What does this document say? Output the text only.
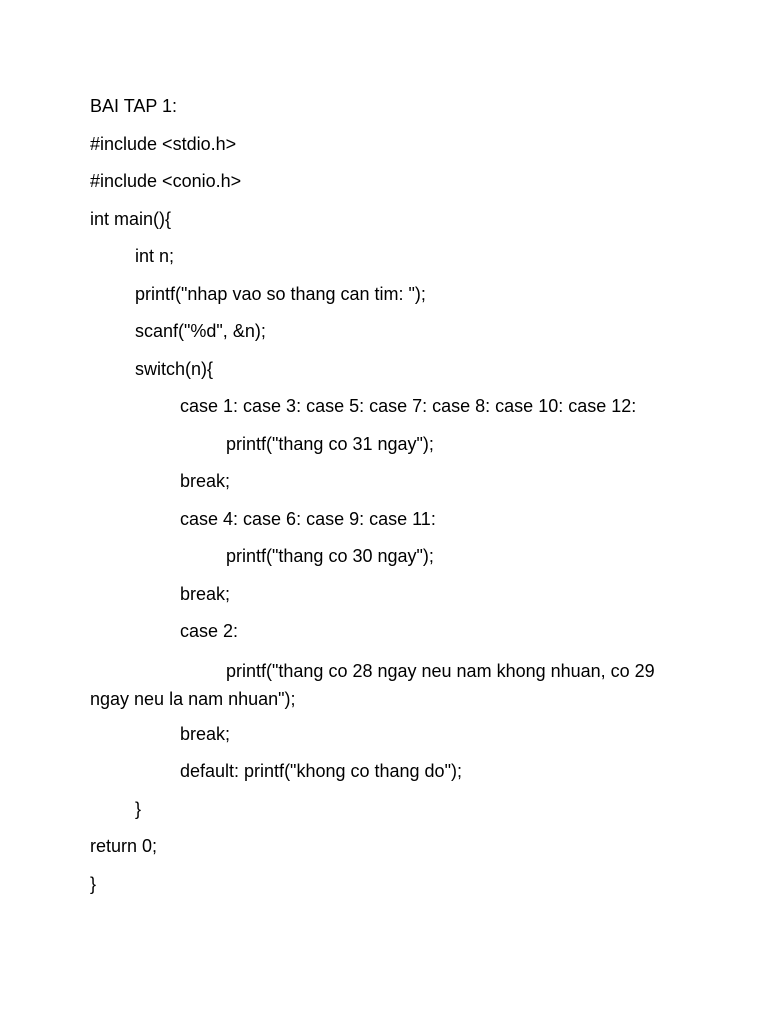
BAI TAP 1:
#include <stdio.h>
#include <conio.h>
int main(){
int n;
printf("nhap vao so thang can tim: ");
scanf("%d", &n);
switch(n){
case 1: case 3: case 5: case 7: case 8: case 10: case 12:
printf("thang co 31 ngay");
break;
case 4: case 6: case 9: case 11:
printf("thang co 30 ngay");
break;
case 2:
printf("thang co 28 ngay neu nam khong nhuan, co 29 ngay neu la nam nhuan");
break;
default: printf("khong co thang do");
}
return 0;
}
